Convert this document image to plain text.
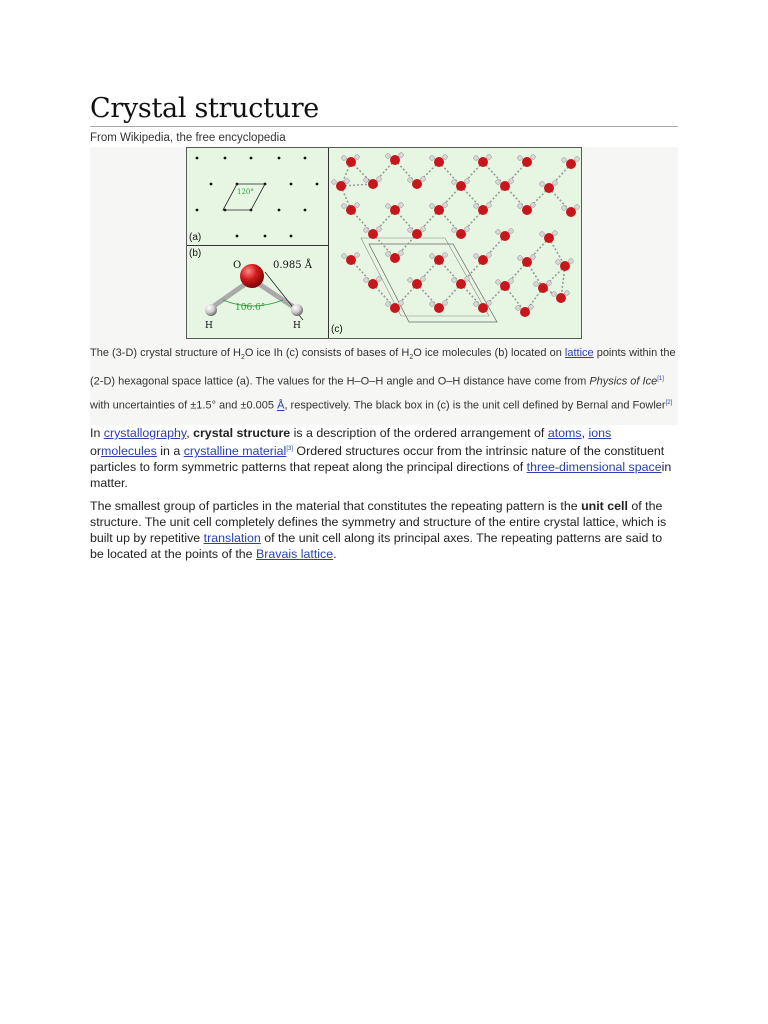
Crystal structure
From Wikipedia, the free encyclopedia
120°
(a)
O	0.985 Å
106.6°
H	H
(b)
(c)
The (3-D) crystal structure of $H_2O$ ice Ih (c) consists of bases of $H_2O$ ice molecules (b) located on lattice points within the (2-D) hexagonal space lattice (a). The values for the H–O–H angle and O–H distance have come from Physics of Ice[1] with uncertainties of ±1.5° and ±0.005 Å, respectively. The black box in (c) is the unit cell defined by Bernal and Fowler[2]

In crystallography, crystal structure is a description of the ordered arrangement of atoms, ions ormolecules in a crystalline material[3] Ordered structures occur from the intrinsic nature of the constituent particles to form symmetric patterns that repeat along the principal directions of three-dimensional spacein matter.

The smallest group of particles in the material that constitutes the repeating pattern is the unit cell of the structure. The unit cell completely defines the symmetry and structure of the entire crystal lattice, which is built up by repetitive translation of the unit cell along its principal axes. The repeating patterns are said to be located at the points of the Bravais lattice.
